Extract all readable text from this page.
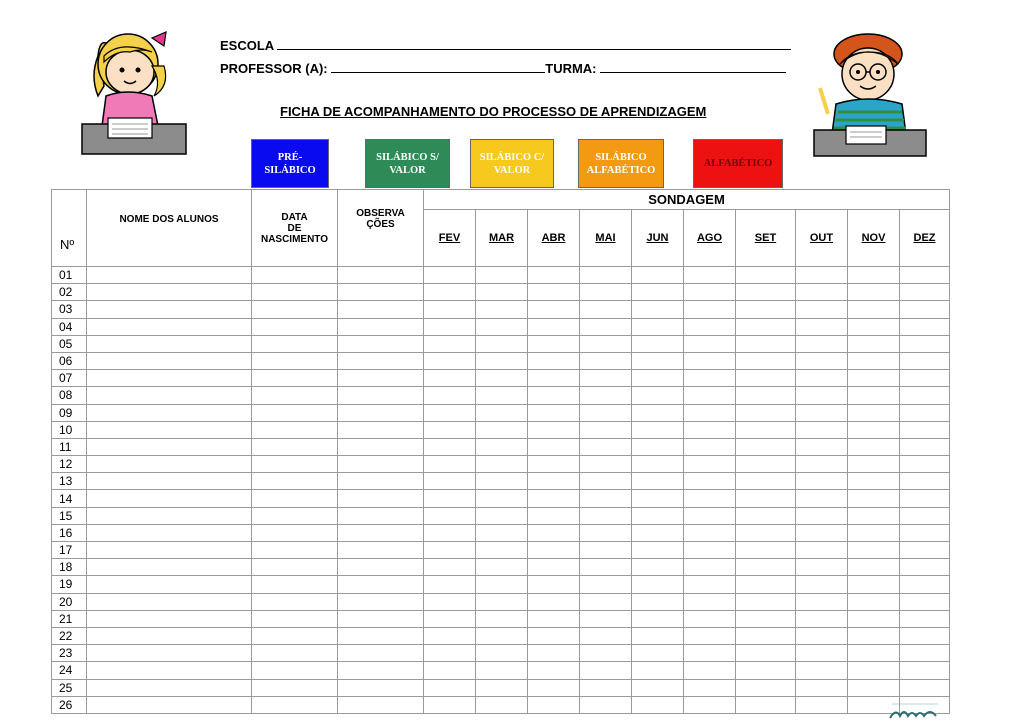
ESCOLA
PROFESSOR (A):	TURMA:
FICHA DE ACOMPANHAMENTO DO PROCESSO DE APRENDIZAGEM
PRÉ-
SILÁBICO
SILÁBICO S/
VALOR
SILÁBICO C/
VALOR
SILÁBICO
ALFABÉTICO
ALFABÉTICO
Nº	NOME DOS ALUNOS	DATA
DE
NASCIMENTO	OBSERVA
ÇÕES	SONDAGEM									
				FEV	MAR	ABR	MAI	JUN	AGO	SET	OUT	NOV	DEZ
01													
02													
03													
04													
05													
06													
07													
08													
09													
10													
11													
12													
13													
14													
15													
16													
17													
18													
19													
20													
21													
22													
23													
24													
25													
26													
